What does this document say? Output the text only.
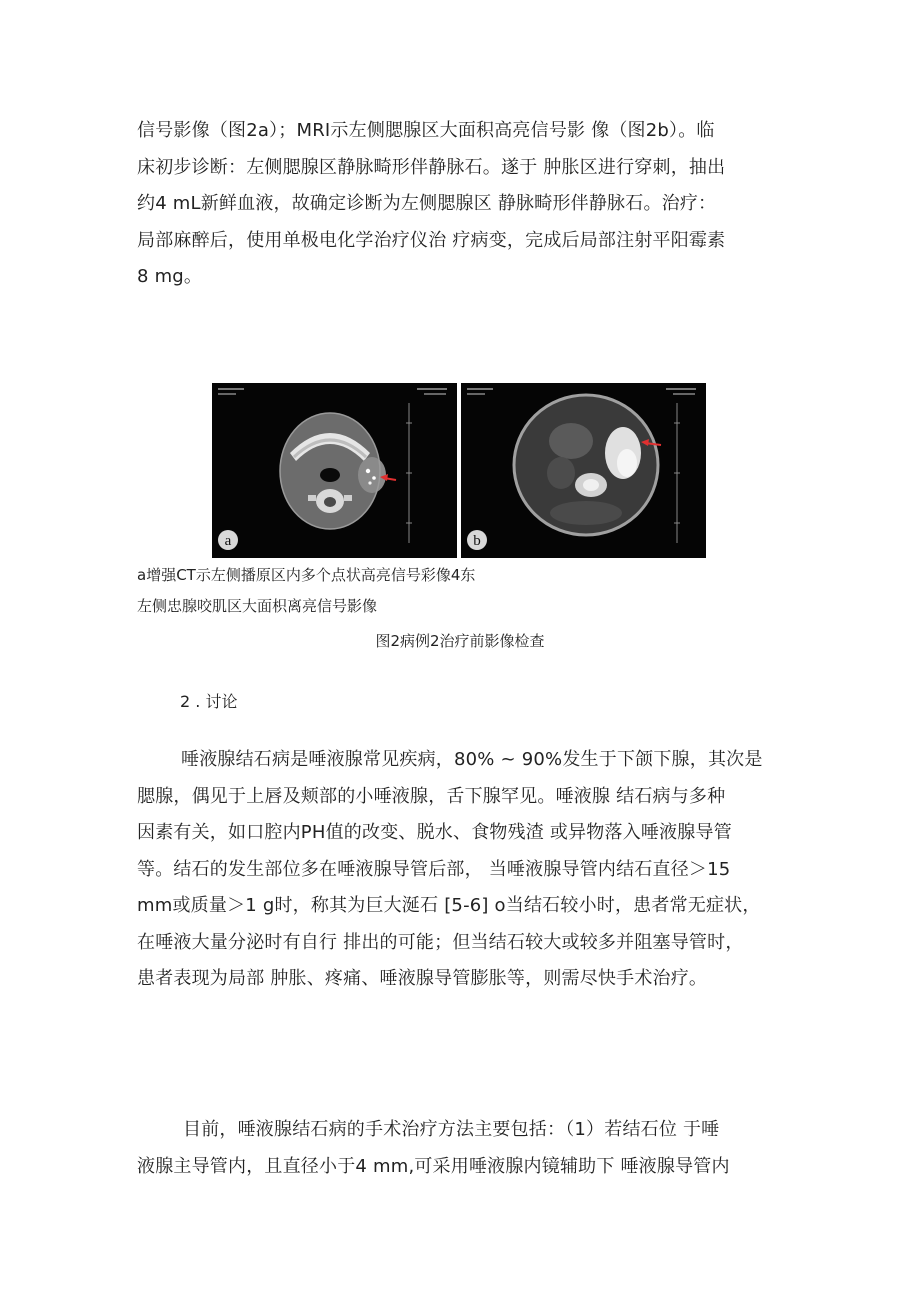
信号影像（图2a）；MRI示左侧腮腺区大面积高亮信号影 像（图2b）。临
床初步诊断：左侧腮腺区静脉畸形伴静脉石。遂于 肿胀区进行穿刺，抽出
约4 mL新鲜血液，故确定诊断为左侧腮腺区 静脉畸形伴静脉石。治疗：
局部麻醉后，使用单极电化学治疗仪治 疗病变，完成后局部注射平阳霉素
8 mg。
a	b
a增强CT示左侧播原区内多个点状高亮信号彩像4东
左侧忠腺咬肌区大面枳离亮信号影像
图2病例2治疗前影像检查
2 . 讨论
唾液腺结石病是唾液腺常见疾病，80% ~ 90%发生于下颌下腺，其次是
腮腺，偶见于上唇及颊部的小唾液腺，舌下腺罕见。唾液腺 结石病与多种
因素有关，如口腔内PH值的改变、脱水、食物残渣 或异物落入唾液腺导管
等。结石的发生部位多在唾液腺导管后部， 当唾液腺导管内结石直径＞15
mm或质量＞1 g时，称其为巨大涎石 [5-6] o当结石较小时，患者常无症状，
在唾液大量分泌时有自行 排出的可能；但当结石较大或较多并阻塞导管时，
患者表现为局部 肿胀、疼痛、唾液腺导管膨胀等，则需尽快手术治疗。
目前，唾液腺结石病的手术治疗方法主要包括：（1）若结石位 于唾
液腺主导管内，且直径小于4 mm,可采用唾液腺内镜辅助下 唾液腺导管内
